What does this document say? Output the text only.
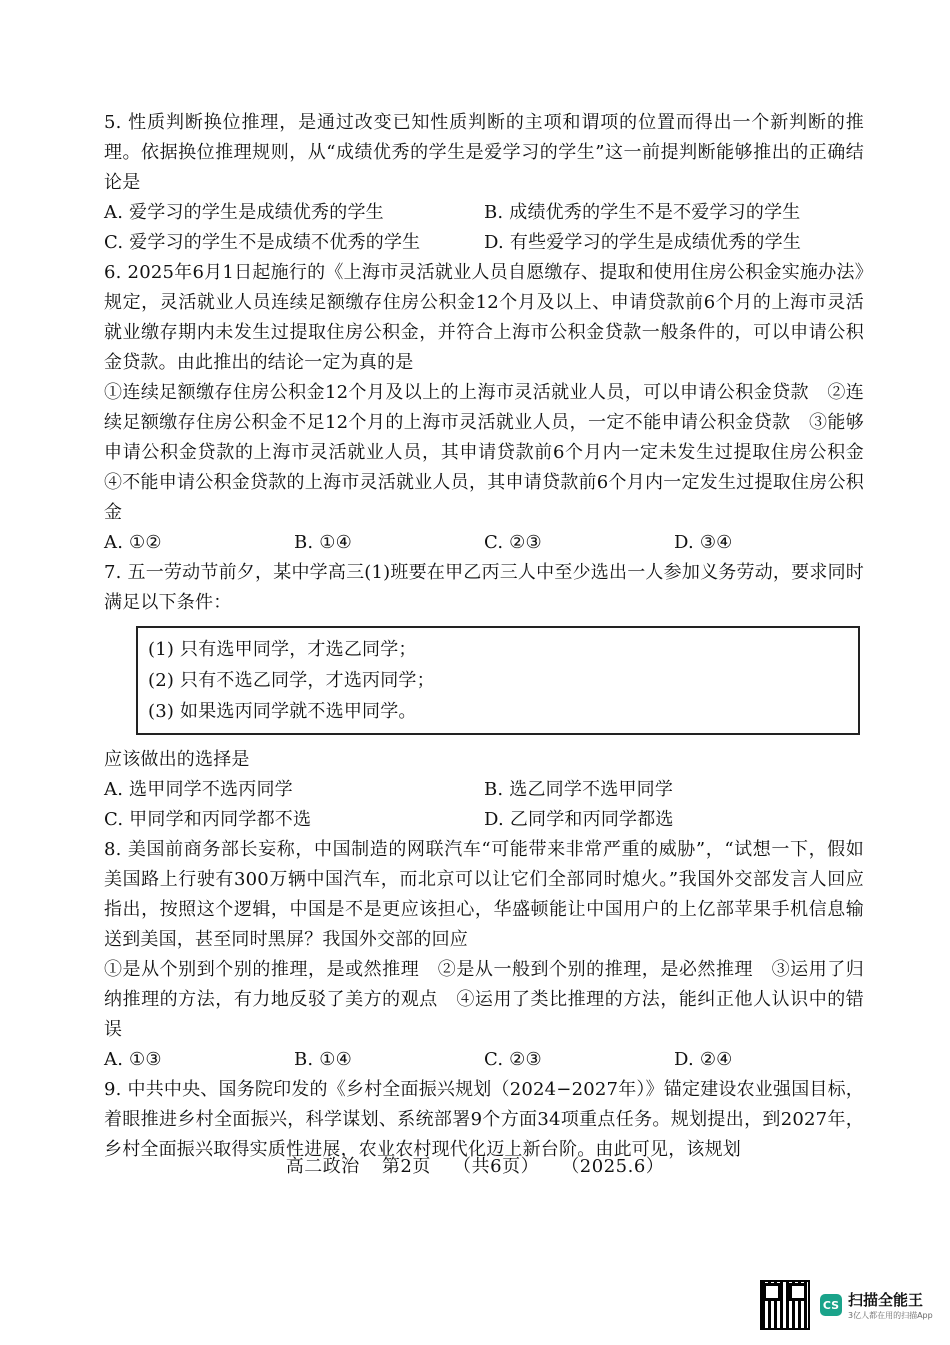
5. 性质判断换位推理，是通过改变已知性质判断的主项和谓项的位置而得出一个新判断的推理。依据换位推理规则，从“成绩优秀的学生是爱学习的学生”这一前提判断能够推出的正确结论是

A. 爱学习的学生是成绩优秀的学生	B. 成绩优秀的学生不是不爱学习的学生
C. 爱学习的学生不是成绩不优秀的学生	D. 有些爱学习的学生是成绩优秀的学生

6. 2025年6月1日起施行的《上海市灵活就业人员自愿缴存、提取和使用住房公积金实施办法》规定，灵活就业人员连续足额缴存住房公积金12个月及以上、申请贷款前6个月的上海市灵活就业缴存期内未发生过提取住房公积金，并符合上海市公积金贷款一般条件的，可以申请公积金贷款。由此推出的结论一定为真的是

①连续足额缴存住房公积金12个月及以上的上海市灵活就业人员，可以申请公积金贷款　②连续足额缴存住房公积金不足12个月的上海市灵活就业人员，一定不能申请公积金贷款　③能够申请公积金贷款的上海市灵活就业人员，其申请贷款前6个月内一定未发生过提取住房公积金　④不能申请公积金贷款的上海市灵活就业人员，其申请贷款前6个月内一定发生过提取住房公积金

A. ①②	B. ①④	C. ②③	D. ③④

7. 五一劳动节前夕，某中学高三(1)班要在甲乙丙三人中至少选出一人参加义务劳动，要求同时满足以下条件：

(1) 只有选甲同学，才选乙同学；

(2) 只有不选乙同学，才选丙同学；

(3) 如果选丙同学就不选甲同学。

应该做出的选择是

A. 选甲同学不选丙同学	B. 选乙同学不选甲同学
C. 甲同学和丙同学都不选	D. 乙同学和丙同学都选

8. 美国前商务部长妄称，中国制造的网联汽车“可能带来非常严重的威胁”，“试想一下，假如美国路上行驶有300万辆中国汽车，而北京可以让它们全部同时熄火。”我国外交部发言人回应指出，按照这个逻辑，中国是不是更应该担心，华盛顿能让中国用户的上亿部苹果手机信息输送到美国，甚至同时黑屏？我国外交部的回应

①是从个别到个别的推理，是或然推理　②是从一般到个别的推理，是必然推理　③运用了归纳推理的方法，有力地反驳了美方的观点　④运用了类比推理的方法，能纠正他人认识中的错误

A. ①③	B. ①④	C. ②③	D. ②④

9. 中共中央、国务院印发的《乡村全面振兴规划（2024−2027年）》锚定建设农业强国目标，着眼推进乡村全面振兴，科学谋划、系统部署9个方面34项重点任务。规划提出，到2027年，乡村全面振兴取得实质性进展，农业农村现代化迈上新台阶。由此可见，该规划

高二政治 第2页 （共6页） （2025.6）
CS 扫描全能王
3亿人都在用的扫描App
